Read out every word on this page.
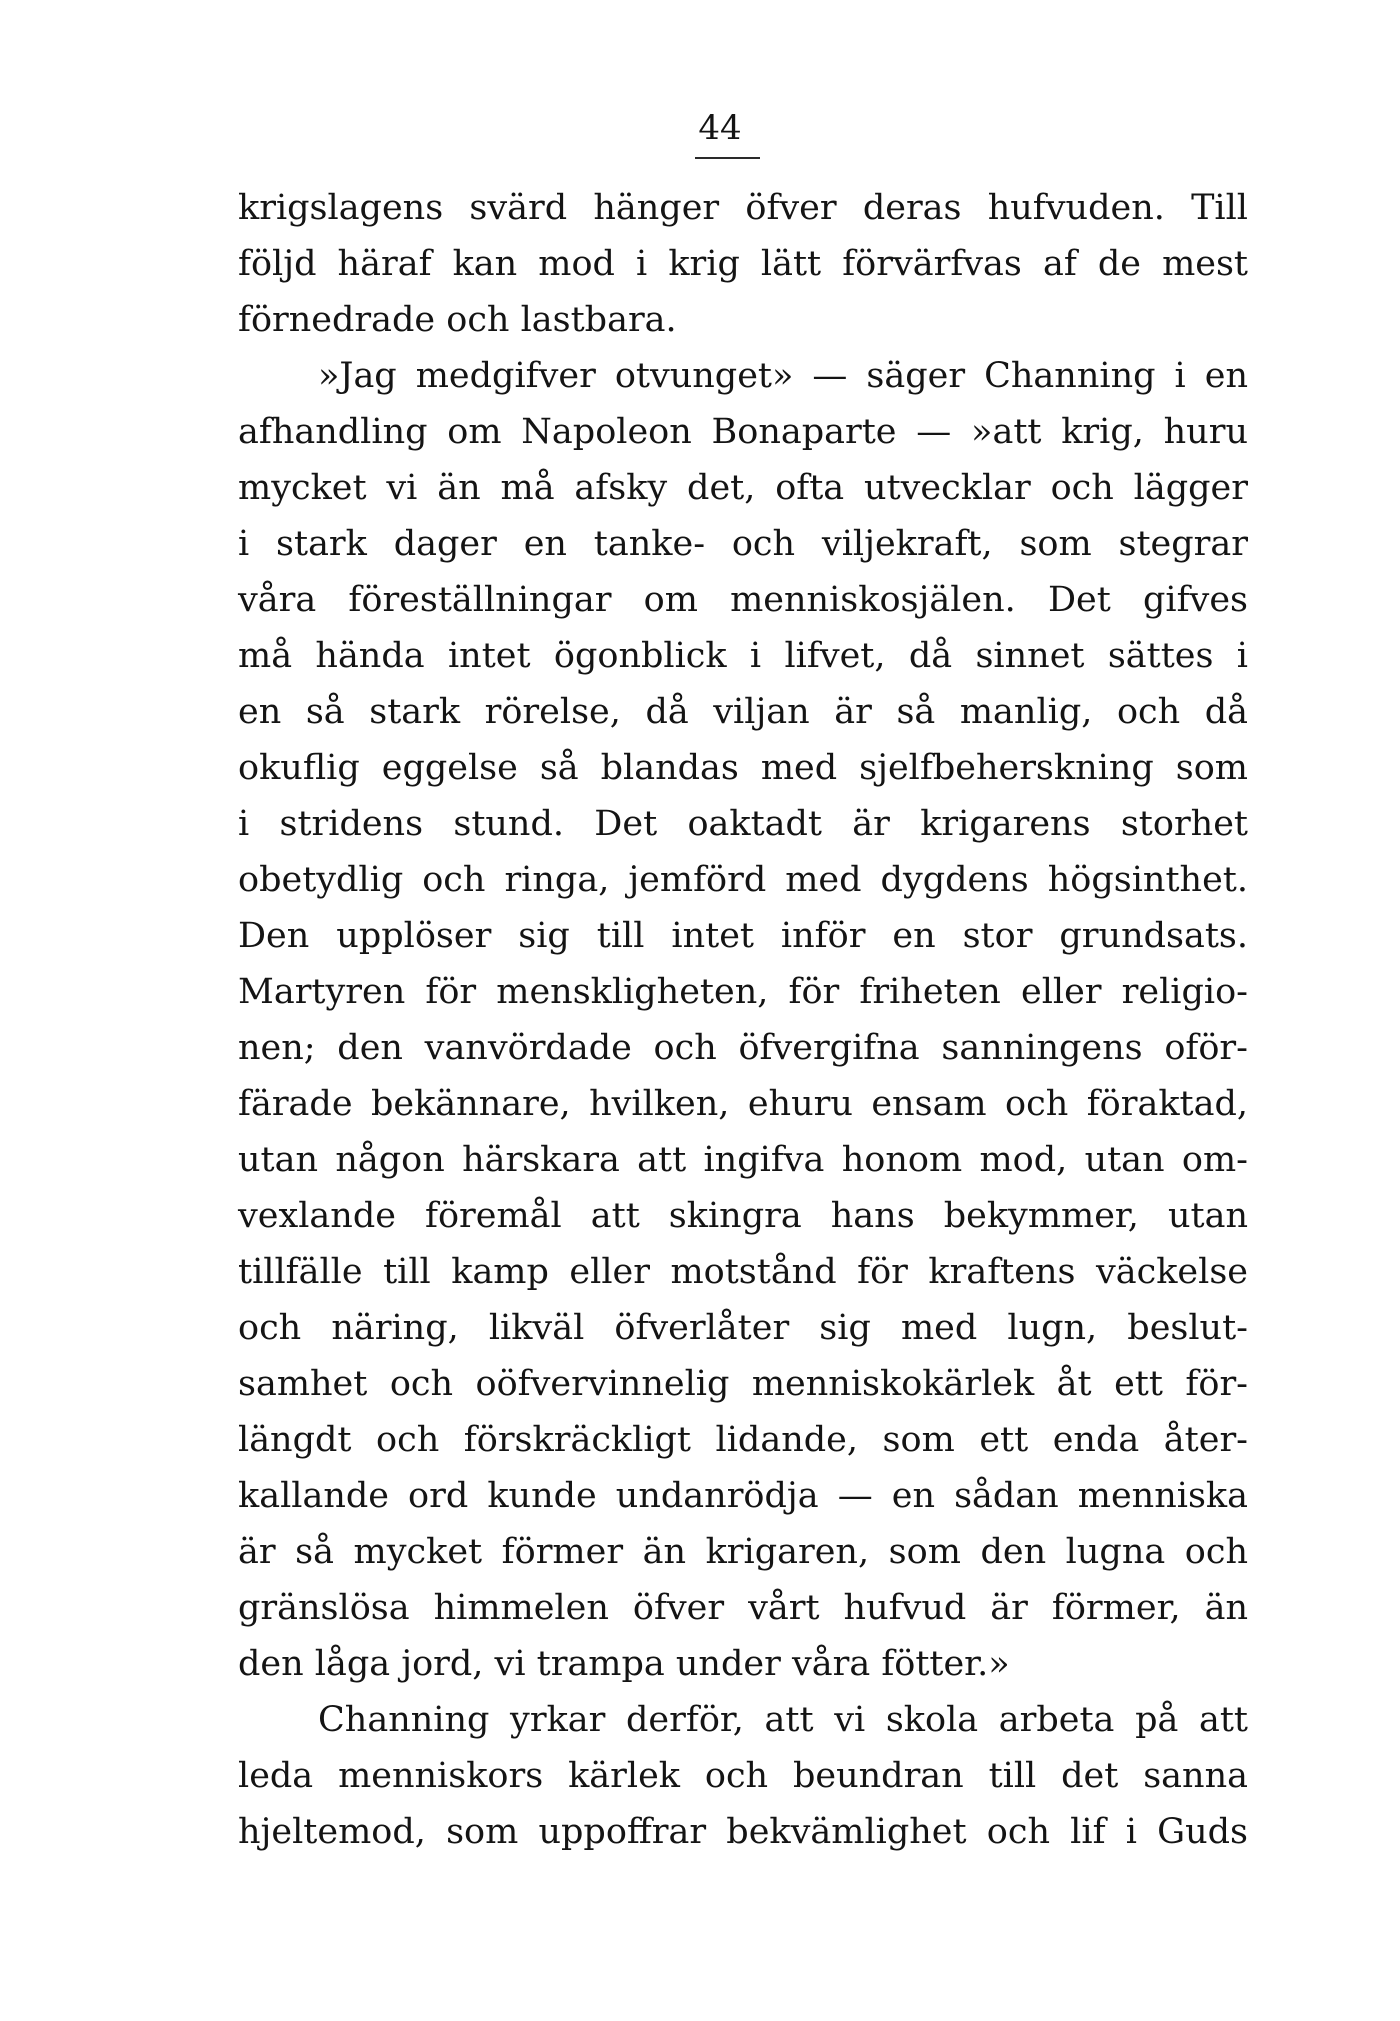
44
krigslagens svärd hänger öfver deras hufvuden. Till
följd häraf kan mod i krig lätt förvärfvas af de mest
förnedrade och lastbara.
»Jag medgifver otvunget» — säger Channing i en
afhandling om Napoleon Bonaparte — »att krig, huru
mycket vi än må afsky det, ofta utvecklar och lägger
i stark dager en tanke- och viljekraft, som stegrar
våra föreställningar om menniskosjälen. Det gifves
må hända intet ögonblick i lifvet, då sinnet sättes i
en så stark rörelse, då viljan är så manlig, och då
okuflig eggelse så blandas med sjelfbeherskning som
i stridens stund. Det oaktadt är krigarens storhet
obetydlig och ringa, jemförd med dygdens högsinthet.
Den upplöser sig till intet inför en stor grundsats.
Martyren för menskligheten, för friheten eller religio-
nen; den vanvördade och öfvergifna sanningens oför-
färade bekännare, hvilken, ehuru ensam och föraktad,
utan någon härskara att ingifva honom mod, utan om-
vexlande föremål att skingra hans bekymmer, utan
tillfälle till kamp eller motstånd för kraftens väckelse
och näring, likväl öfverlåter sig med lugn, beslut-
samhet och oöfvervinnelig menniskokärlek åt ett för-
längdt och förskräckligt lidande, som ett enda åter-
kallande ord kunde undanrödja — en sådan menniska
är så mycket förmer än krigaren, som den lugna och
gränslösa himmelen öfver vårt hufvud är förmer, än
den låga jord, vi trampa under våra fötter.»
Channing yrkar derför, att vi skola arbeta på att
leda menniskors kärlek och beundran till det sanna
hjeltemod, som uppoffrar bekvämlighet och lif i Guds
